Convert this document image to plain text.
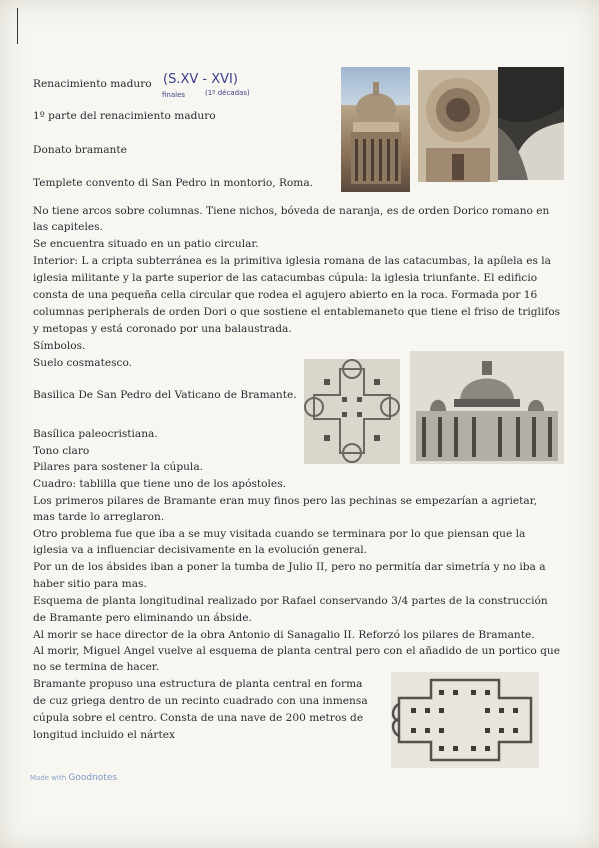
Renacimiento maduro (S.XV - XVI)
finales	(1º décadas)
1º parte del renacimiento maduro
Donato bramante
Templete convento di San Pedro in montorio, Roma.
No tiene arcos sobre columnas. Tiene nichos, bóveda de naranja, es de orden Dorico romano en
las capiteles.
Se encuentra situado en un patio circular.
Interior: L a cripta subterránea es la primitiva iglesia romana de las catacumbas, la apílela es la
iglesia militante y la parte superior de las catacumbas cúpula: la iglesia triunfante. El edificio
consta de una pequeña cella circular que rodea el agujero abierto en la roca. Formada por 16
columnas peripherals de orden Dori o que sostiene el entablemaneto que tiene el friso de triglifos
y metopas y está coronado por una balaustrada.
Símbolos.
Suelo cosmatesco.
Basilica De San Pedro del Vaticano de Bramante.
Basílica paleocristiana.
Tono claro
Pilares para sostener la cúpula.
Cuadro: tablilla que tiene uno de los apóstoles.
Los primeros pilares de Bramante eran muy finos pero las pechinas se empezarían a agrietar,
mas tarde lo arreglaron.
Otro problema fue que iba a se muy visitada cuando se terminara por lo que piensan que la
iglesia va a influenciar decisivamente en la evolución general.
Por un de los ábsides iban a poner la tumba de Julio II, pero no permitía dar simetría y no iba a
haber sitio para mas.
Esquema de planta longitudinal realizado por Rafael conservando 3/4 partes de la construcción
de Bramante pero eliminando un ábside.
Al morir se hace director de la obra Antonio di Sanagalio II. Reforzó los pilares de Bramante.
Al morir, Miguel Angel vuelve al esquema de planta central pero con el añadido de un portico que
no se termina de hacer.
Bramante propuso una estructura de planta central en forma
de cuz griega dentro de un recinto cuadrado con una inmensa
cúpula sobre el centro. Consta de una nave de 200 metros de
longitud incluido el nártex
Made with Goodnotes
